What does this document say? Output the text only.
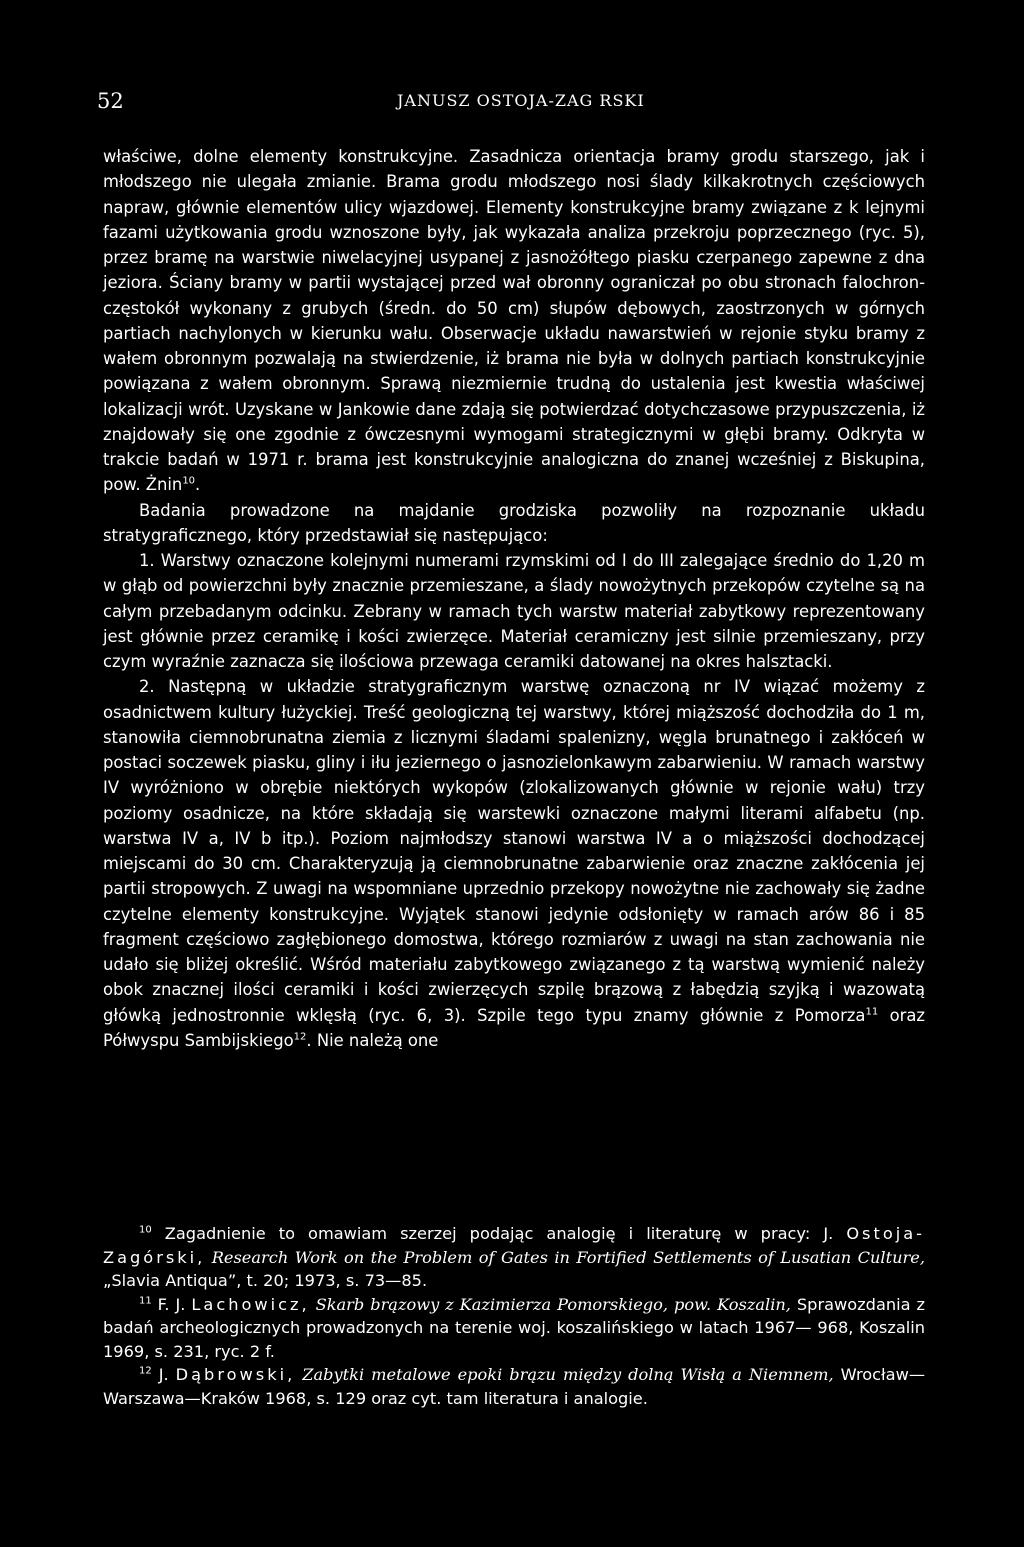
52	JANUSZ OSTOJA-ZAG RSKI

właściwe, dolne elementy konstrukcyjne. Zasadnicza orientacja bramy grodu starszego, jak i młodszego nie ulegała zmianie. Brama grodu młodszego nosi ślady kilkakrotnych częściowych napraw, głównie elementów ulicy wjazdowej. Elementy konstrukcyjne bramy związane z k lejnymi fazami użytkowania grodu wznoszone były, jak wykazała analiza przekroju poprzecznego (ryc. 5), przez bramę na warstwie niwelacyjnej usypanej z jasnożółtego piasku czerpanego zapewne z dna jeziora. Ściany bramy w partii wystającej przed wał obronny ograniczał po obu stronach falochron-częstokół wykonany z grubych (średn. do 50 cm) słupów dębowych, zaostrzonych w górnych partiach nachylonych w kierunku wału. Obserwacje układu nawarstwień w rejonie styku bramy z wałem obronnym pozwalają na stwierdzenie, iż brama nie była w dolnych partiach konstrukcyjnie powiązana z wałem obronnym. Sprawą niezmiernie trudną do ustalenia jest kwestia właściwej lokalizacji wrót. Uzyskane w Jankowie dane zdają się potwierdzać dotychczasowe przypuszczenia, iż znajdowały się one zgodnie z ówczesnymi wymogami strategicznymi w głębi bramy. Odkryta w trakcie badań w 1971 r. brama jest konstrukcyjnie analogiczna do znanej wcześniej z Biskupina, pow. Żnin$^{10}$.

Badania prowadzone na majdanie grodziska pozwoliły na rozpoznanie układu stratygraficznego, który przedstawiał się następująco:

1. Warstwy oznaczone kolejnymi numerami rzymskimi od I do III zalegające średnio do 1,20 m w głąb od powierzchni były znacznie przemieszane, a ślady nowożytnych przekopów czytelne są na całym przebadanym odcinku. Zebrany w ramach tych warstw materiał zabytkowy reprezentowany jest głównie przez ceramikę i kości zwierzęce. Materiał ceramiczny jest silnie przemieszany, przy czym wyraźnie zaznacza się ilościowa przewaga ceramiki datowanej na okres halsztacki.

2. Następną w układzie stratygraficznym warstwę oznaczoną nr IV wiązać możemy z osadnictwem kultury łużyckiej. Treść geologiczną tej warstwy, której miąższość dochodziła do 1 m, stanowiła ciemnobrunatna ziemia z licznymi śladami spalenizny, węgla brunatnego i zakłóceń w postaci soczewek piasku, gliny i iłu jeziernego o jasnozielonkawym zabarwieniu. W ramach warstwy IV wyróżniono w obrębie niektórych wykopów (zlokalizowanych głównie w rejonie wału) trzy poziomy osadnicze, na które składają się warstewki oznaczone małymi literami alfabetu (np. warstwa IV a, IV b itp.). Poziom najmłodszy stanowi warstwa IV a o miąższości dochodzącej miejscami do 30 cm. Charakteryzują ją ciemnobrunatne zabarwienie oraz znaczne zakłócenia jej partii stropowych. Z uwagi na wspomniane uprzednio przekopy nowożytne nie zachowały się żadne czytelne elementy konstrukcyjne. Wyjątek stanowi jedynie odsłonięty w ramach arów 86 i 85 fragment częściowo zagłębionego domostwa, którego rozmiarów z uwagi na stan zachowania nie udało się bliżej określić. Wśród materiału zabytkowego związanego z tą warstwą wymienić należy obok znacznej ilości ceramiki i kości zwierzęcych szpilę brązową z łabędzią szyjką i wazowatą główką jednostronnie wklęsłą (ryc. 6, 3). Szpile tego typu znamy głównie z Pomorza$^{11}$ oraz Półwyspu Sambijskiego$^{12}$. Nie należą one

$^{10}$ Zagadnienie to omawiam szerzej podając analogię i literaturę w pracy: J. Ostoja-Zagórski, Research Work on the Problem of Gates in Fortified Settlements of Lusatian Culture, „Slavia Antiqua”, t. 20; 1973, s. 73—85.

$^{11}$ F. J. Lachowicz, Skarb brązowy z Kazimierza Pomorskiego, pow. Koszalin, Sprawozdania z badań archeologicznych prowadzonych na terenie woj. koszalińskiego w latach 1967— 968, Koszalin 1969, s. 231, ryc. 2 f.

$^{12}$ J. Dąbrowski, Zabytki metalowe epoki brązu między dolną Wisłą a Niemnem, Wrocław—Warszawa—Kraków 1968, s. 129 oraz cyt. tam literatura i analogie.
